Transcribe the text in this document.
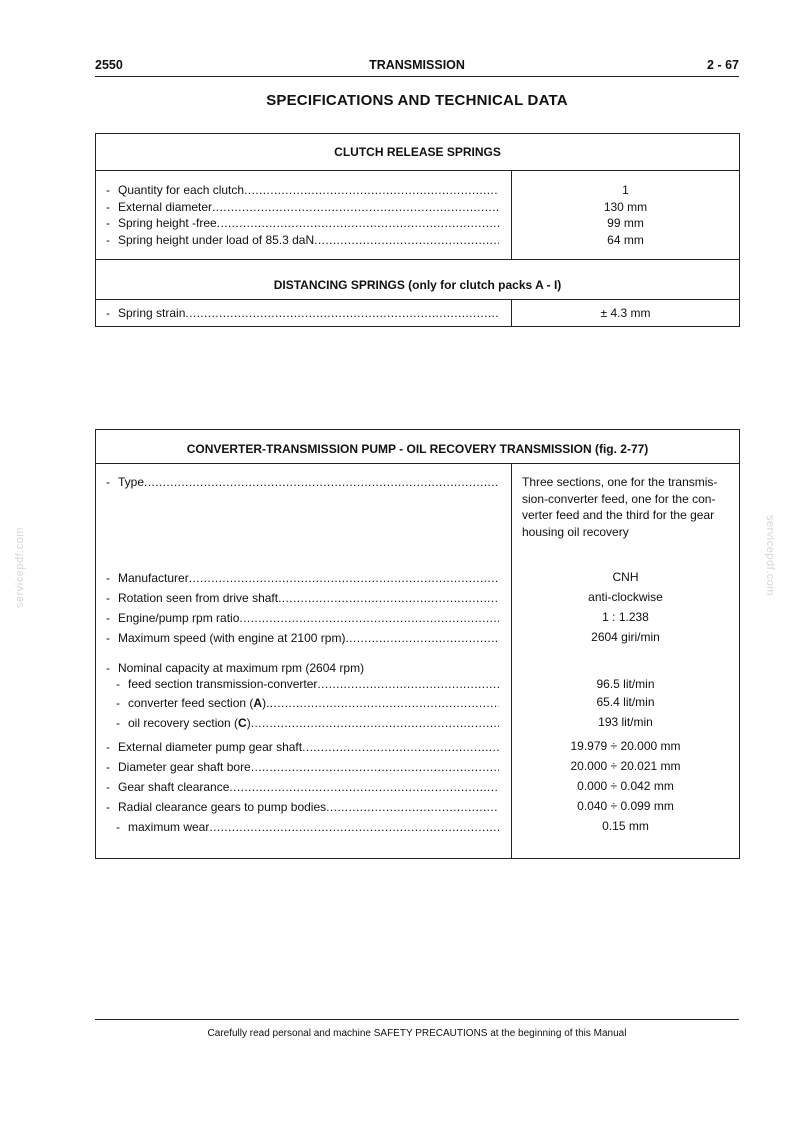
2550	TRANSMISSION	2 - 67
SPECIFICATIONS AND TECHNICAL DATA
CLUTCH RELEASE SPRINGS
- Quantity for each clutch
.....
- External diameter
.....
- Spring height -free
.....
- Spring height under load of 85.3 daN
.....
1
130 mm
99 mm
64 mm
DISTANCING SPRINGS (only for clutch packs A - I)
- Spring strain
.....	± 4.3 mm
CONVERTER-TRANSMISSION PUMP - OIL RECOVERY TRANSMISSION (fig. 2-77)
- Type
.....
- Manufacturer
.....
- Rotation seen from drive shaft
.....
- Engine/pump rpm ratio
.....
- Maximum speed (with engine at 2100 rpm)
.....
- Nominal capacity at maximum rpm (2604 rpm)
- feed section transmission-converter
.....
- converter feed section (A)
.....
- oil recovery section (C)
.....
- External diameter pump gear shaft
.....
- Diameter gear shaft bore
.....
- Gear shaft clearance
.....
- Radial clearance gears to pump bodies
.....
- maximum wear
.....
Three sections, one for the transmis-
sion-converter feed, one for the con-
verter feed and the third for the gear
housing oil recovery
CNH
anti-clockwise
1 : 1.238
2604 giri/min
96.5 lit/min
65.4 lit/min
193 lit/min
19.979 ÷ 20.000 mm
20.000 ÷ 20.021 mm
0.000 ÷ 0.042 mm
0.040 ÷ 0.099 mm
0.15 mm
servicepdf.com	servicepdf.com
Carefully read personal and machine SAFETY PRECAUTIONS at the beginning of this Manual
